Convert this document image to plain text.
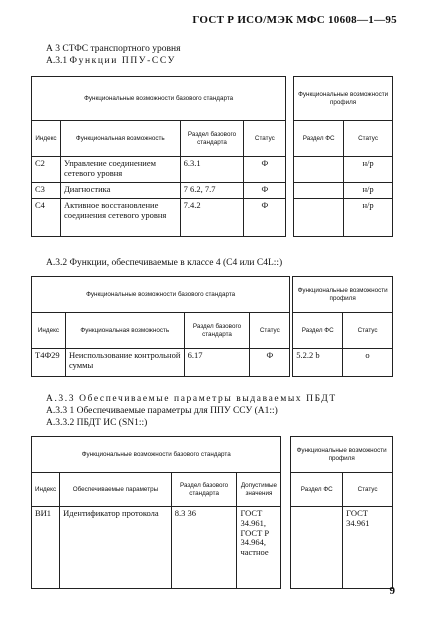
ГОСТ Р ИСО/МЭК МФС 10608—1—95
А 3 СТФС транспортного уровня
А.3.1 Функции ППУ-ССУ
Функциональные возможности базового стандарта					Функциональные возможности профиля	
Индекс	Функциональная возможность	Раздел базового стандарта	Статус		Раздел ФС	Статус
С2	Управление соединением сетевого уровня	6.3.1	Ф			н/р
С3	Диагностика	7 6.2, 7.7	Ф			н/р
С4	Активное восстановление соединения сетевого уровня	7.4.2	Ф			н/р
А.3.2 Функции, обеспечиваемые в классе 4 (С4 или С4L::)
Функциональные возможности базового стандарта					Функциональные возможности профиля	
Индекс	Функциональная возможность	Раздел базового стандарта	Статус		Раздел ФС	Статус
Т4Ф29	Неиспользование контрольной суммы	6.17	Ф		5.2.2 b	о
А.3.3 Обеспечиваемые параметры выдаваемых ПБДТ
А.3.3 1 Обеспечиваемые параметры для ППУ ССУ (А1::)
А.3.3.2 ПБДТ ИС (SN1::)
Функциональные возможности базового стандарта					Функциональные возможности профиля	
Индекс	Обеспечиваемые параметры	Раздел базового стандарта	Допустимые значения		Раздел ФС	Статус
ВИ1	Идентификатор протокола	8.3 36	ГОСТ 34.961, ГОСТ Р 34.964, частное			ГОСТ 34.961
9
